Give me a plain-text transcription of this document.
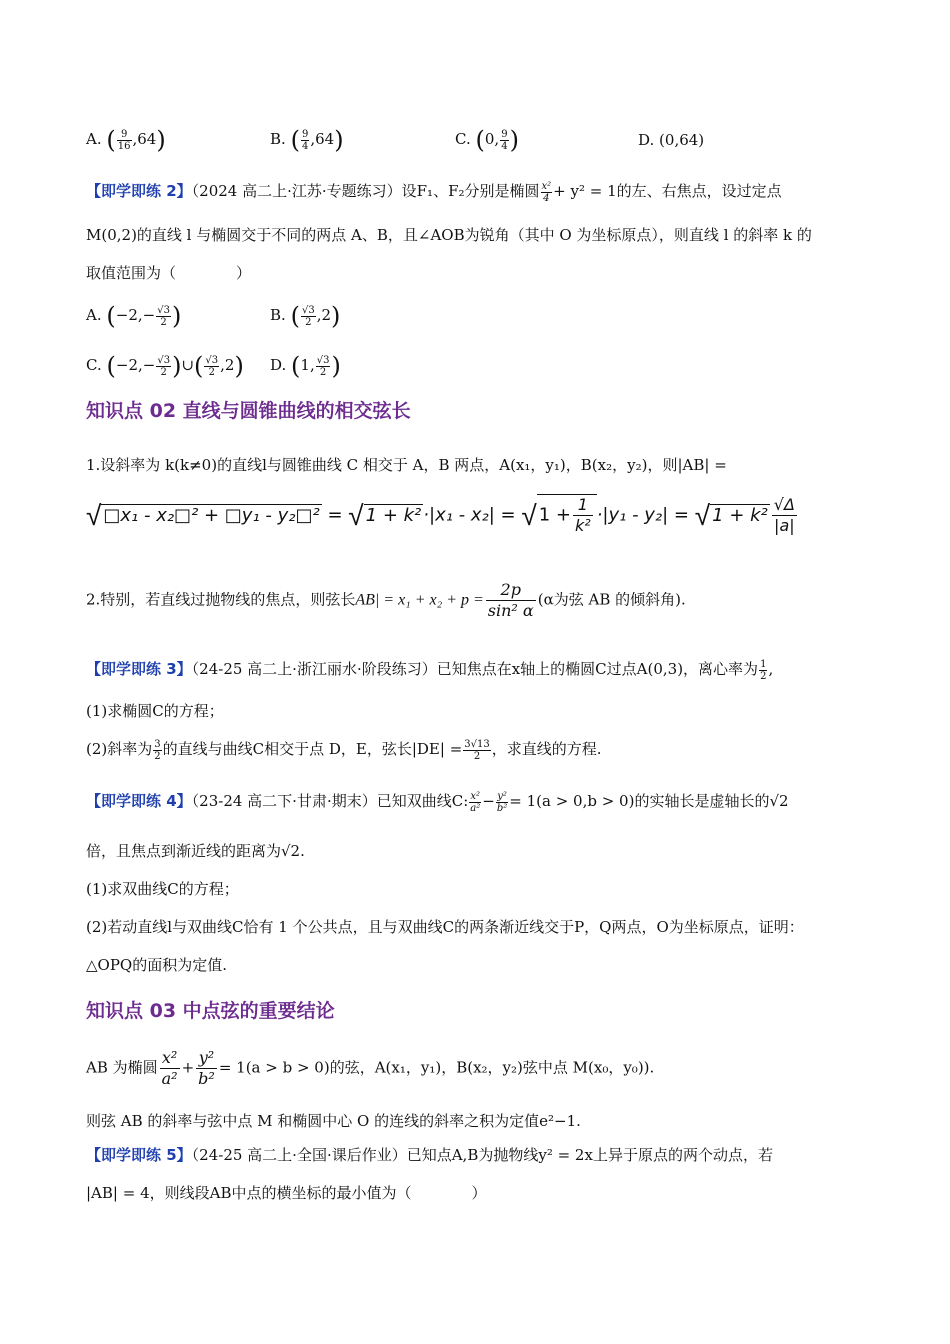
A. ( $\frac{9}{16} ,64$)	B. ( $\frac{9}{4} ,64$)	C. (0, $\frac{9}{4}$ )	D. (0,64)
【即学即练 2】（2024 高二上·江苏·专题练习）设F₁、F₂分别是椭圆 $\frac{\text{x²}}{4} + y^2 = 1$的左、右焦点，设过定点
M(0,2)的直线 l 与椭圆交于不同的两点 A、B，且∠AOB为锐角（其中 O 为坐标原点），则直线 l 的斜率 k 的
取值范围为（　　　　）
A. ($-2,- \frac{√3}{2}$ )	B. ( $\frac{√3}{2} ,2$)
C. ($-2,- \frac{√3}{2}$ )∪( $\frac{√3}{2} ,2$) D. (1, $\frac{√3}{2}$ )
知识点 02 直线与圆锥曲线的相交弦长
1.设斜率为 k(k≠0)的直线l与圆锥曲线 C 相交于 A，B 两点，A(x₁，y₁)，B(x₂，y₂)，则|AB| =
√ □x₁ - x₂□² + □y₁ - y₂□² = √ 1 + k² ·|x₁ - x₂| = √ $1 + \frac{1}{\text{k²}} \cdot|y_1 - y_2|$ = √ $1 + k^2 \frac{√\Delta}{|a|}$
2.特别，若直线过抛物线的焦点，则弦长$AB| = x_1 + x_2 + p = \frac{2p}{\text{sin² α}} (\alpha$为弦 AB 的倾斜角).
【即学即练 3】（24-25 高二上·浙江丽水·阶段练习）已知焦点在x轴上的椭圆C过点A(0,3)，离心率为 $\frac{1}{2}$ ,
(1)求椭圆C的方程；
(2)斜率为 $\frac{3}{2}$ 的直线与曲线C相交于点 D，E，弦长$|DE| = \frac{3√13}{2}$ ，求直线的方程.
【即学即练 4】（23-24 高二下·甘肃·期末）已知双曲线C: $\frac{\text{x²}}{\text{a²}} - \frac{\text{y²}}{\text{b²}} = 1(a > 0,b > 0)$的实轴长是虚轴长的√2
倍，且焦点到渐近线的距离为√2.
(1)求双曲线C的方程；
(2)若动直线l与双曲线C恰有 1 个公共点，且与双曲线C的两条渐近线交于P，Q两点，O为坐标原点，证明：
△OPQ的面积为定值.
知识点 03 中点弦的重要结论
AB 为椭圆 $\frac{\text{x²}}{\text{a²}} + \frac{\text{y²}}{\text{b²}} = 1(a > b > 0)$的弦，A(x₁，y₁)，B(x₂，y₂)弦中点 M(x₀，y₀)).
则弦 AB 的斜率与弦中点 M 和椭圆中心 O 的连线的斜率之积为定值e²−1.
【即学即练 5】（24-25 高二上·全国·课后作业）已知点A,B为抛物线y² = 2x上异于原点的两个动点，若
|AB| = 4，则线段AB中点的横坐标的最小值为（　　　　）
